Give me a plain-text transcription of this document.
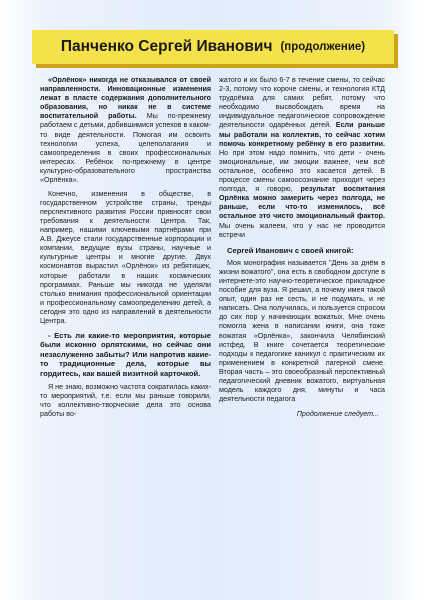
Панченко Сергей Иванович (продолжение)

«Орлёнок» никогда не отказывался от своей направленности. Инновационные изменения лежат в пласте содержания дополнительного образования, но никак не в системе воспитательной работы. Мы по-прежнему работаем с детьми, добившимися успехов в каком-то виде деятельности. Помогая им освоить технологии успеха, целеполагания и самоопределения в своих профессиональных интересах. Ребёнок по-прежнему в центре культурно-образовательного пространства «Орлёнка».

Конечно, изменения в обществе, в государственном устройстве страны, тренды перспективного развития России привносят свои требования к деятельности Центра. Так, например, нашими ключевыми партнёрами при А.В. Джеусе стали государственные корпорации и компании, ведущие вузы страны, научные и культурные центры и многие другие. Двух космонавтов вырастил «Орлёнок» из ребятишек, которые работали в наших космических программах. Раньше мы никогда не уделяли столько внимания профессиональной ориентации и профессиональному самоопределению детей, а сегодня это одно из направлений в деятельности Центра.

- Есть ли какие-то мероприятия, которые были исконно орлятскими, но сейчас они незаслуженно забыты? Или напротив какие-то традиционные дела, которые вы гордитесь, как вашей визитной карточкой.

Я не знаю, возможно частота сократилась каких-то мероприятий, т.е. если мы раньше говорили, что коллективно-творческие дела это основа работы во-

жатого и их было 6-7 в течение смены, то сейчас 2-3, потому что короче смены, и технология КТД трудоёмка для самих ребят, потому что необходимо высвобождать время на индивидуальное педагогическое сопровождение деятельности одарённых детей. Если раньше мы работали на коллектив, то сейчас хотим помочь конкретному ребёнку в его развитии. Но при этом надо помнить, что дети - очень эмоциональные, им эмоции важнее, чем всё остальное, особенно это касается детей. В процессе смены самоосознание приходит через полгода, я говорю, результат воспитания Орлёнка можно замерить через полгода, не раньше, если что-то изменилось, всё остальное это чисто эмоциональный фактор. Мы очень жалеем, что у нас не проводится встречи

Сергей Иванович с своей книгой:

Моя монография называется "День за днём в жизни вожатого", она есть в свободном доступе в интернете-это научно-теоретическое прикладное пособие для вуза. Я решил, а почему имея такой опыт, один раз не сесть, и не подумать, и не написать. Она получилась, и пользуется спросом до сих пор у начинающих вожатых. Мне очень помогла жена в написании книги, она тоже вожатая «Орлёнка», закончила Челябинский истфед. В книге сочетается теоретические подходы к педагогике каникул с практическим их применением в конкретной лагерной смене. Вторая часть – это своеобразный перспективный педагогический дневник вожатого, виртуальная модель каждого дня, минуты и часа деятельности педагога

Продолжение следует...
